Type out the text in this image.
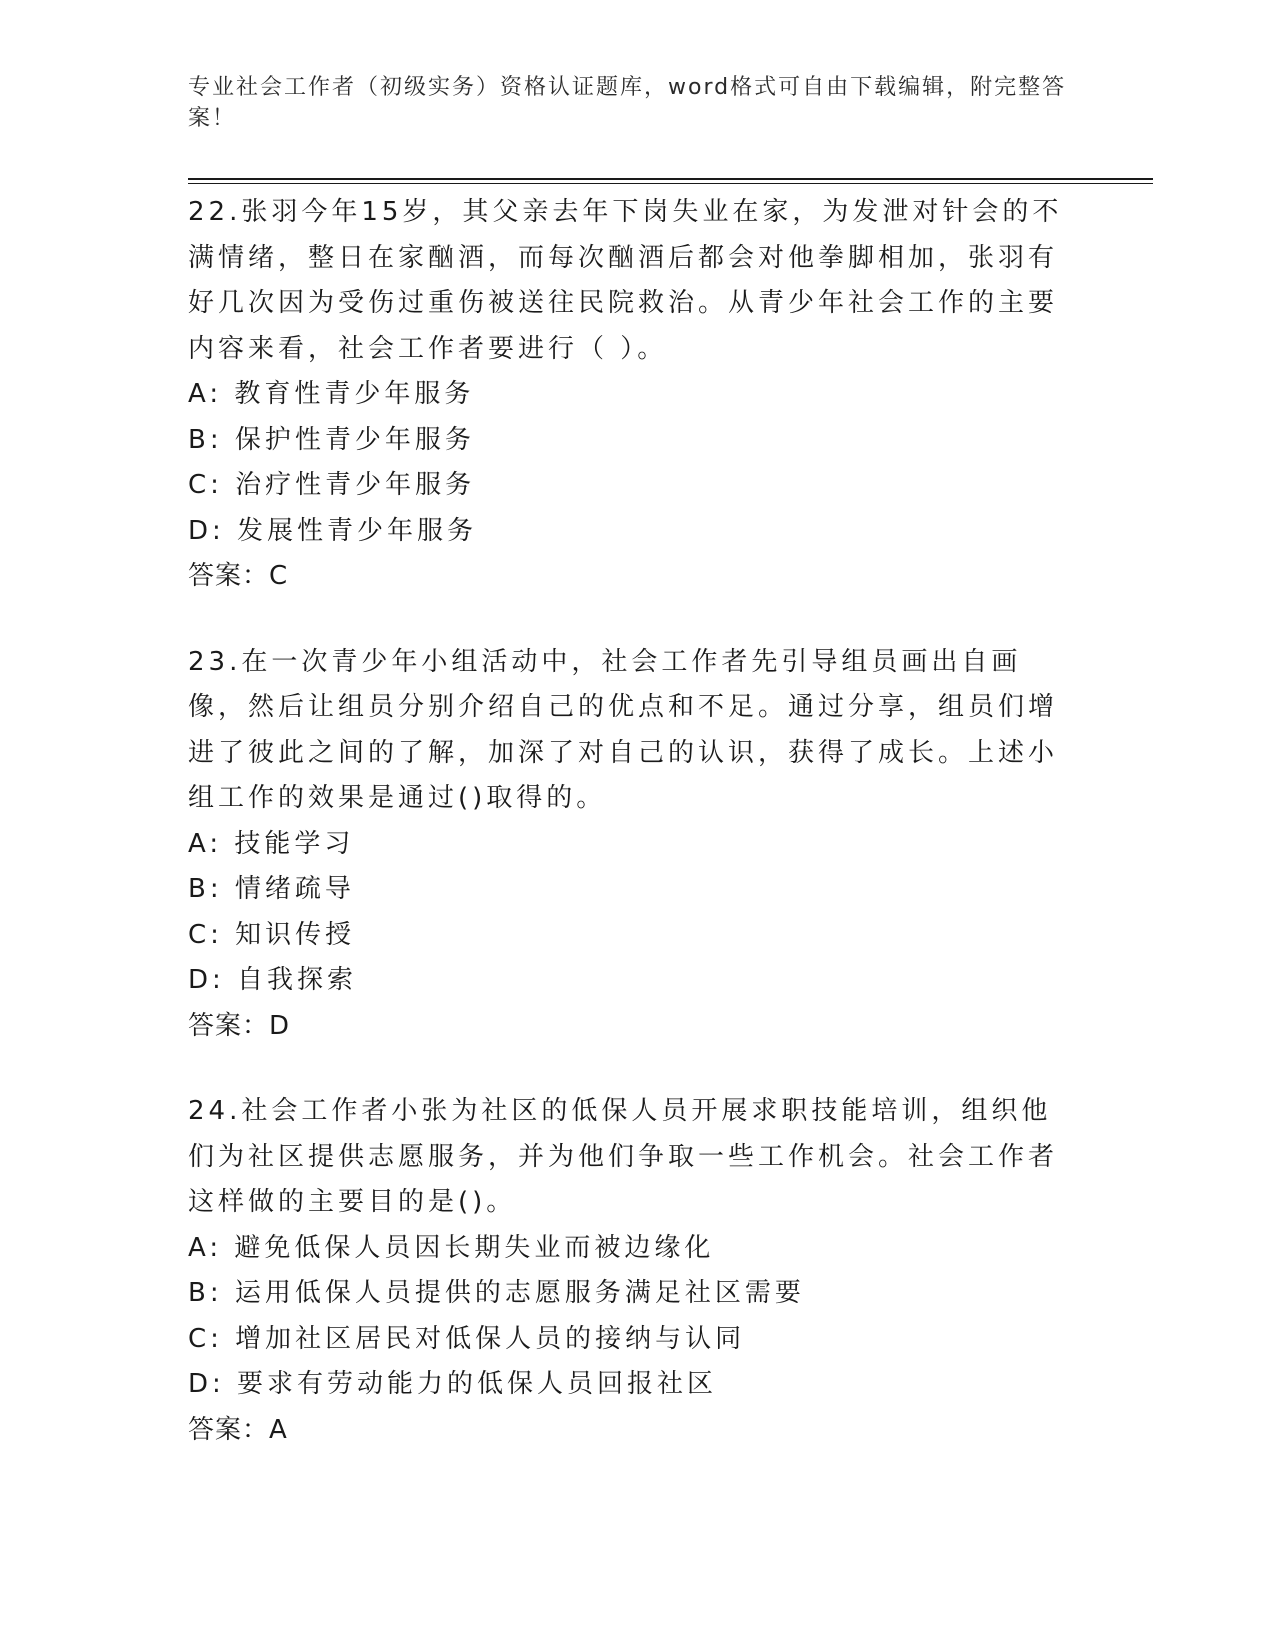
专业社会工作者（初级实务）资格认证题库，word格式可自由下载编辑，附完整答案！

22.张羽今年15岁，其父亲去年下岗失业在家，为发泄对针会的不满情绪，整日在家酗酒，而每次酗酒后都会对他拳脚相加，张羽有好几次因为受伤过重伤被送往民院救治。从青少年社会工作的主要内容来看，社会工作者要进行（ ）。

A: 教育性青少年服务

B: 保护性青少年服务

C: 治疗性青少年服务

D: 发展性青少年服务

答案：C

23.在一次青少年小组活动中，社会工作者先引导组员画出自画像，然后让组员分别介绍自己的优点和不足。通过分享，组员们增进了彼此之间的了解，加深了对自己的认识，获得了成长。上述小组工作的效果是通过()取得的。

A: 技能学习

B: 情绪疏导

C: 知识传授

D: 自我探索

答案：D

24.社会工作者小张为社区的低保人员开展求职技能培训，组织他们为社区提供志愿服务，并为他们争取一些工作机会。社会工作者这样做的主要目的是()。

A: 避免低保人员因长期失业而被边缘化

B: 运用低保人员提供的志愿服务满足社区需要

C: 增加社区居民对低保人员的接纳与认同

D: 要求有劳动能力的低保人员回报社区

答案：A
